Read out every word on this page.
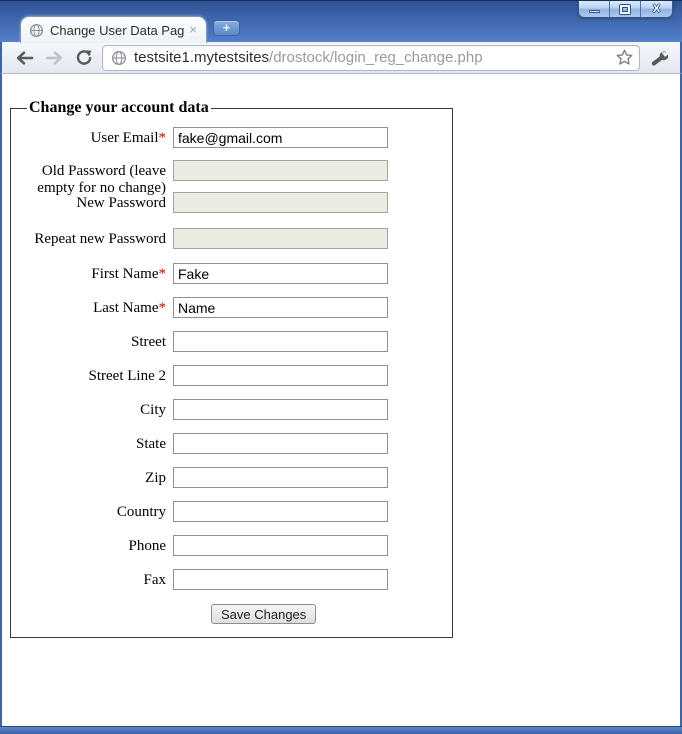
Change User Data Pag
×
+
X
testsite1.mytestsites/drostock/login_reg_change.php
Change your account data
User Email*
fake@gmail.com
Old Password (leave empty for no change)
New Password
Repeat new Password
First Name*
Fake
Last Name*
Name
Street
Street Line 2
City
State
Zip
Country
Phone
Fax
Save Changes
